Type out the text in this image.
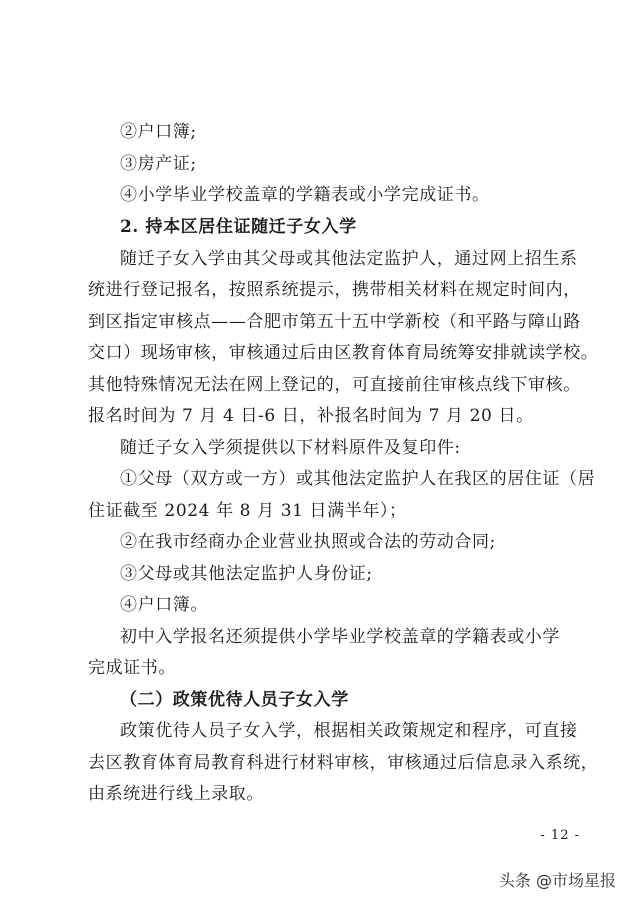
②户口簿;
③房产证;
④小学毕业学校盖章的学籍表或小学完成证书。
2. 持本区居住证随迁子女入学
随迁子女入学由其父母或其他法定监护人，通过网上招生系
统进行登记报名，按照系统提示，携带相关材料在规定时间内，
到区指定审核点——合肥市第五十五中学新校（和平路与障山路
交口）现场审核，审核通过后由区教育体育局统筹安排就读学校。
其他特殊情况无法在网上登记的，可直接前往审核点线下审核。
报名时间为 7 月 4 日-6 日，补报名时间为 7 月 20 日。
随迁子女入学须提供以下材料原件及复印件:
①父母（双方或一方）或其他法定监护人在我区的居住证（居
住证截至 2024 年 8 月 31 日满半年）；
②在我市经商办企业营业执照或合法的劳动合同;
③父母或其他法定监护人身份证;
④户口簿。
初中入学报名还须提供小学毕业学校盖章的学籍表或小学
完成证书。
（二）政策优待人员子女入学
政策优待人员子女入学，根据相关政策规定和程序，可直接
去区教育体育局教育科进行材料审核，审核通过后信息录入系统，
由系统进行线上录取。
- 12 -
头条 @市场星报
